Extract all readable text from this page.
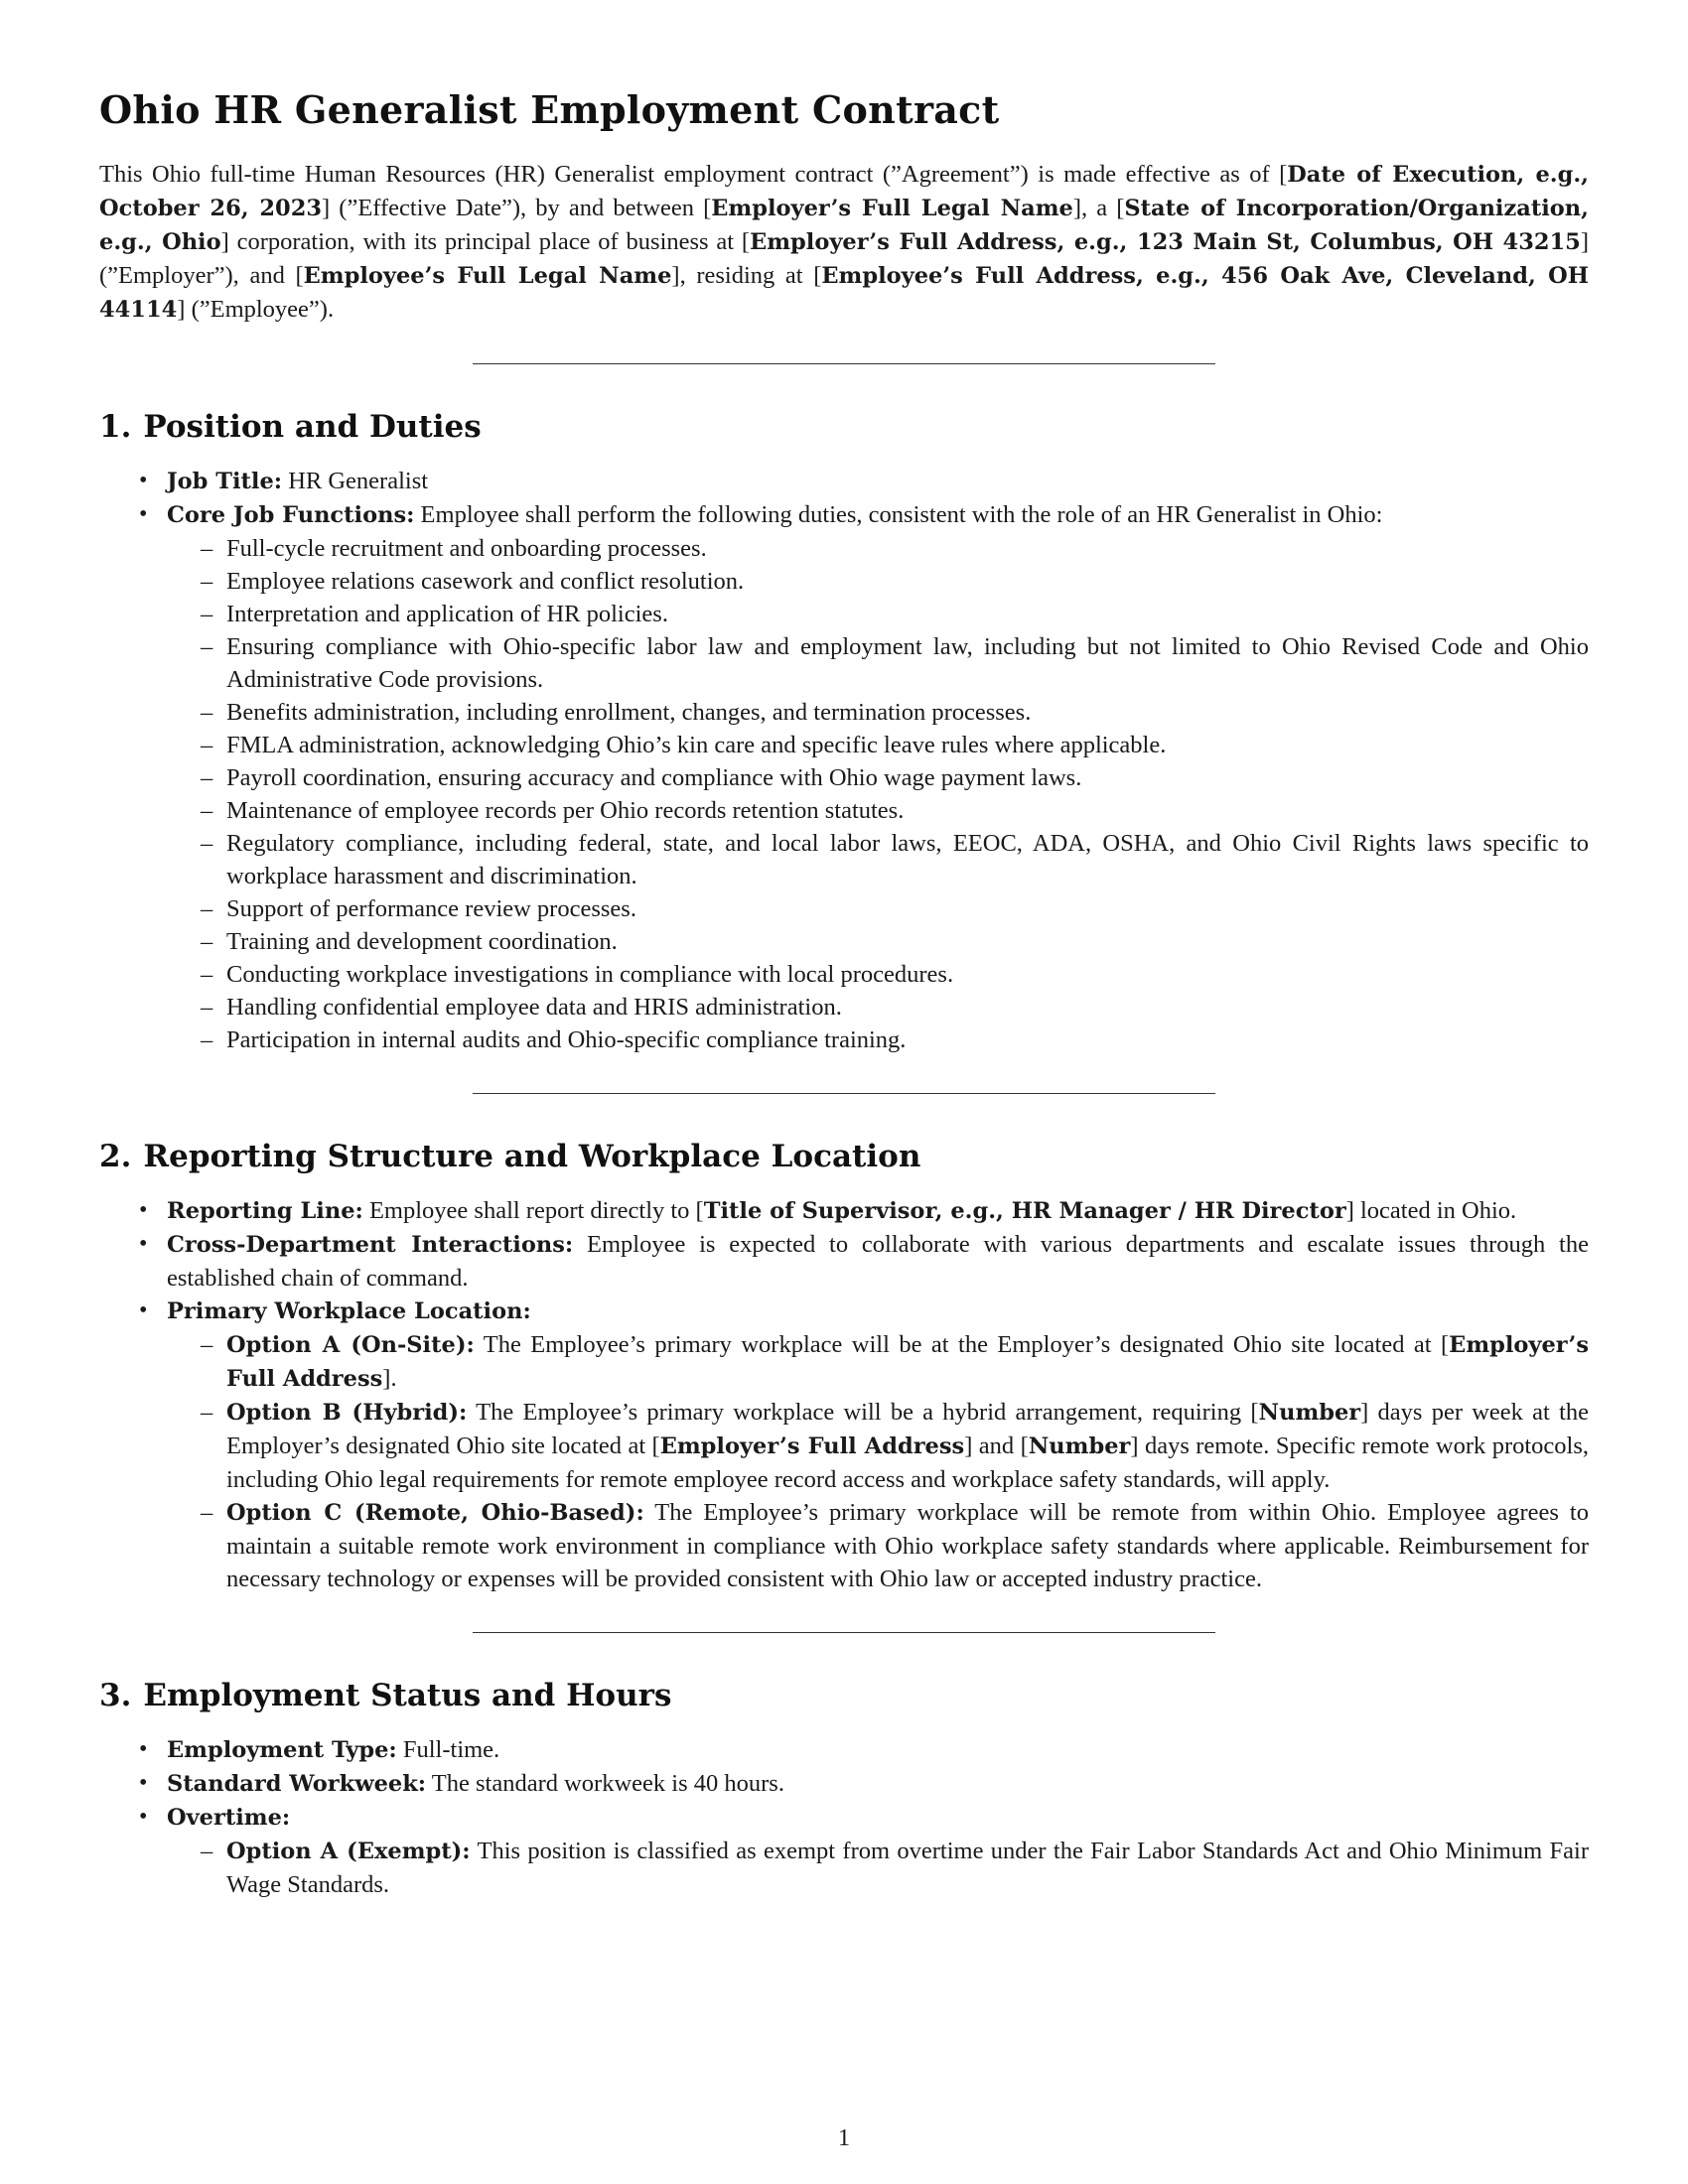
Ohio HR Generalist Employment Contract

This Ohio full-time Human Resources (HR) Generalist employment contract (”Agreement”) is made effective as of [Date of Execution, e.g., October 26, 2023] (”Effective Date”), by and between [Employer’s Full Legal Name], a [State of Incorporation/Organization, e.g., Ohio] corporation, with its principal place of business at [Employer’s Full Address, e.g., 123 Main St, Columbus, OH 43215] (”Employer”), and [Employee’s Full Legal Name], residing at [Employee’s Full Address, e.g., 456 Oak Ave, Cleveland, OH 44114] (”Employee”).

1. Position and Duties
• Job Title: HR Generalist
• Core Job Functions: Employee shall perform the following duties, consistent with the role of an HR Generalist in Ohio:
– Full-cycle recruitment and onboarding processes.
– Employee relations casework and conflict resolution.
– Interpretation and application of HR policies.
– Ensuring compliance with Ohio-specific labor law and employment law, including but not limited to Ohio Revised Code and Ohio Administrative Code provisions.
– Benefits administration, including enrollment, changes, and termination processes.
– FMLA administration, acknowledging Ohio’s kin care and specific leave rules where applicable.
– Payroll coordination, ensuring accuracy and compliance with Ohio wage payment laws.
– Maintenance of employee records per Ohio records retention statutes.
– Regulatory compliance, including federal, state, and local labor laws, EEOC, ADA, OSHA, and Ohio Civil Rights laws specific to workplace harassment and discrimination.
– Support of performance review processes.
– Training and development coordination.
– Conducting workplace investigations in compliance with local procedures.
– Handling confidential employee data and HRIS administration.
– Participation in internal audits and Ohio-specific compliance training.
2. Reporting Structure and Workplace Location
• Reporting Line: Employee shall report directly to [Title of Supervisor, e.g., HR Manager / HR Director] located in Ohio.
• Cross-Department Interactions: Employee is expected to collaborate with various departments and escalate issues through the established chain of command.
• Primary Workplace Location:
– Option A (On-Site): The Employee’s primary workplace will be at the Employer’s designated Ohio site located at [Employer’s Full Address].
– Option B (Hybrid): The Employee’s primary workplace will be a hybrid arrangement, requiring [Number] days per week at the Employer’s designated Ohio site located at [Employer’s Full Address] and [Number] days remote. Specific remote work protocols, including Ohio legal requirements for remote employee record access and workplace safety standards, will apply.
– Option C (Remote, Ohio-Based): The Employee’s primary workplace will be remote from within Ohio. Employee agrees to maintain a suitable remote work environment in compliance with Ohio workplace safety standards where applicable. Reimbursement for necessary technology or expenses will be provided consistent with Ohio law or accepted industry practice.
3. Employment Status and Hours
• Employment Type: Full-time.
• Standard Workweek: The standard workweek is 40 hours.
• Overtime:
– Option A (Exempt): This position is classified as exempt from overtime under the Fair Labor Standards Act and Ohio Minimum Fair Wage Standards.
1
